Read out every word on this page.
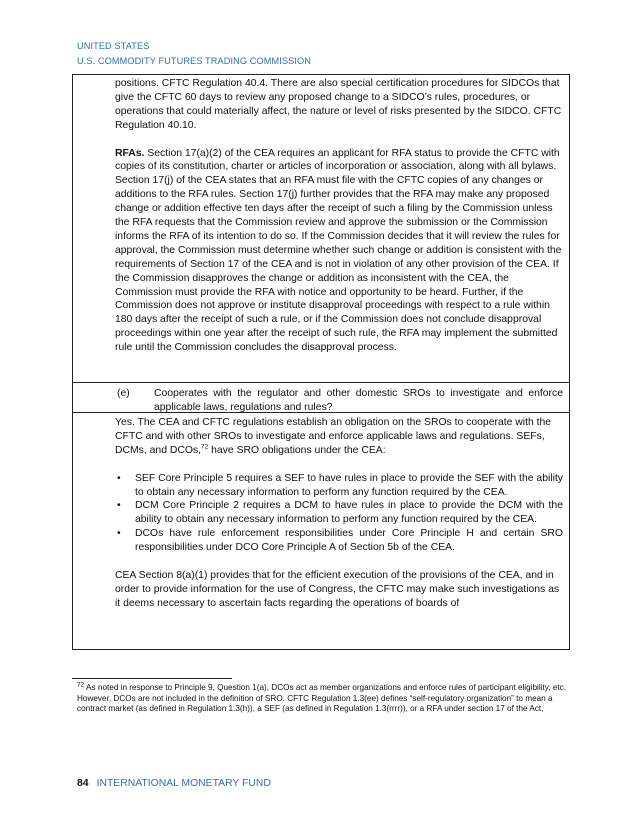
UNITED STATES
U.S. COMMODITY FUTURES TRADING COMMISSION

positions. CFTC Regulation 40.4. There are also special certification procedures for SIDCOs that give the CFTC 60 days to review any proposed change to a SIDCO’s rules, procedures, or operations that could materially affect, the nature or level of risks presented by the SIDCO. CFTC Regulation 40.10.

RFAs. Section 17(a)(2) of the CEA requires an applicant for RFA status to provide the CFTC with copies of its constitution, charter or articles of incorporation or association, along with all bylaws. Section 17(j) of the CEA states that an RFA must file with the CFTC copies of any changes or additions to the RFA rules. Section 17(j) further provides that the RFA may make any proposed change or addition effective ten days after the receipt of such a filing by the Commission unless the RFA requests that the Commission review and approve the submission or the Commission informs the RFA of its intention to do so. If the Commission decides that it will review the rules for approval, the Commission must determine whether such change or addition is consistent with the requirements of Section 17 of the CEA and is not in violation of any other provision of the CEA. If the Commission disapproves the change or addition as inconsistent with the CEA, the Commission must provide the RFA with notice and opportunity to be heard. Further, if the Commission does not approve or institute disapproval proceedings with respect to a rule within 180 days after the receipt of such a rule, or if the Commission does not conclude disapproval proceedings within one year after the receipt of such rule, the RFA may implement the submitted rule until the Commission concludes the disapproval process.

(e) Cooperates with the regulator and other domestic SROs to investigate and enforce applicable laws, regulations and rules?

Yes. The CEA and CFTC regulations establish an obligation on the SROs to cooperate with the CFTC and with other SROs to investigate and enforce applicable laws and regulations. SEFs, DCMs, and DCOs,$^{72}$ have SRO obligations under the CEA:

• SEF Core Principle 5 requires a SEF to have rules in place to provide the SEF with the ability to obtain any necessary information to perform any function required by the CEA.
• DCM Core Principle 2 requires a DCM to have rules in place to provide the DCM with the ability to obtain any necessary information to perform any function required by the CEA.
• DCOs have rule enforcement responsibilities under Core Principle H and certain SRO responsibilities under DCO Core Principle A of Section 5b of the CEA.

CEA Section 8(a)(1) provides that for the efficient execution of the provisions of the CEA, and in order to provide information for the use of Congress, the CFTC may make such investigations as it deems necessary to ascertain facts regarding the operations of boards of

$^{72}$ As noted in response to Principle 9, Question 1(a), DCOs act as member organizations and enforce rules of participant eligibility, etc. However, DCOs are not included in the definition of SRO. CFTC Regulation 1.3(ee) defines “self-regulatory organization” to mean a contract market (as defined in Regulation 1.3(h)), a SEF (as defined in Regulation 1.3(rrrr)), or a RFA under section 17 of the Act,
84 INTERNATIONAL MONETARY FUND
